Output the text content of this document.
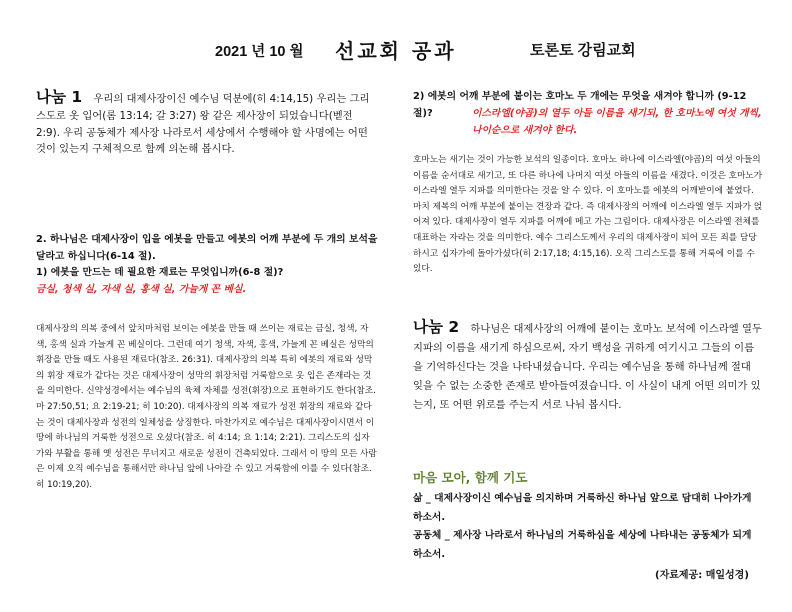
2021 년 10 월 선교회 공과	토론토 강림교회

나눔 1 우리의 대제사장이신 예수님 덕분에(히 4:14,15) 우리는 그리스도로 옷 입어(롬 13:14; 갈 3:27) 왕 같은 제사장이 되었습니다(벧전 2:9). 우리 공동체가 제사장 나라로서 세상에서 수행해야 할 사명에는 어떤 것이 있는지 구체적으로 함께 의논해 봅시다.

2. 하나님은 대제사장이 입을 에봇을 만들고 에봇의 어깨 부분에 두 개의 보석을 달라고 하십니다(6-14 절).

1) 에봇을 만드는 데 필요한 재료는 무엇입니까(6-8 절)?

금실, 청색 실, 자색 실, 홍색 실, 가늘게 꼰 베실.

대제사장의 의복 중에서 앞치마처럼 보이는 에봇을 만들 때 쓰이는 재료는 금실, 청색, 자색, 홍색 실과 가늘게 꼰 베실이다. 그런데 여기 청색, 자색, 홍색, 가늘게 꼰 베실은 성막의 휘장을 만들 때도 사용된 재료다(참조. 26:31). 대제사장의 의복 특히 에봇의 재료와 성막의 휘장 재료가 같다는 것은 대제사장이 성막의 휘장처럼 거룩함으로 옷 입은 존재라는 것을 의미한다. 신약성경에서는 예수님의 육체 자체를 성전(휘장)으로 표현하기도 한다(참조. 마 27:50,51; 요 2:19-21; 히 10:20). 대제사장의 의복 재료가 성전 휘장의 재료와 같다는 것이 대제사장과 성전의 일체성을 상징한다. 마찬가지로 예수님은 대제사장이시면서 이 땅에 하나님의 거룩한 성전으로 오셨다(참조. 히 4:14; 요 1:14; 2:21). 그리스도의 십자가와 부활을 통해 옛 성전은 무너지고 새로운 성전이 건축되었다. 그래서 이 땅의 모든 사람은 이제 오직 예수님을 통해서만 하나님 앞에 나아갈 수 있고 거룩함에 이를 수 있다(참조. 히 10:19,20).

2) 에봇의 어깨 부분에 붙이는 호마노 두 개에는 무엇을 새겨야 합니까 (9-12 절)?	이스라엘(야곱)의 열두 아들 이름을 새기되, 한 호마노에 여섯 개씩, 나이순으로 새겨야 한다.

호마노는 새기는 것이 가능한 보석의 일종이다. 호마노 하나에 이스라엘(야곱)의 여섯 아들의 이름을 순서대로 새기고, 또 다른 하나에 나머지 여섯 아들의 이름을 새겼다. 이것은 호마노가 이스라엘 열두 지파를 의미한다는 것을 알 수 있다. 이 호마노를 에봇의 어깨받이에 붙였다. 마치 제복의 어깨 부분에 붙이는 견장과 같다. 즉 대제사장의 어깨에 이스라엘 열두 지파가 얹어져 있다. 대제사장이 열두 지파를 어깨에 메고 가는 그림이다. 대제사장은 이스라엘 전체를 대표하는 자라는 것을 의미한다. 예수 그리스도께서 우리의 대제사장이 되어 모든 죄를 담당하시고 십자가에 돌아가셨다(히 2:17,18; 4:15,16). 오직 그리스도를 통해 거룩에 이를 수 있다.

나눔 2 하나님은 대제사장의 어깨에 붙이는 호마노 보석에 이스라엘 열두 지파의 이름을 새기게 하심으로써, 자기 백성을 귀하게 여기시고 그들의 이름을 기억하신다는 것을 나타내셨습니다. 우리는 예수님을 통해 하나님께 절대 잊을 수 없는 소중한 존재로 받아들여졌습니다. 이 사실이 내게 어떤 의미가 있는지, 또 어떤 위로를 주는지 서로 나눠 봅시다.

마음 모아, 함께 기도

삶 _ 대제사장이신 예수님을 의지하며 거룩하신 하나님 앞으로 담대히 나아가게 하소서.

공동체 _ 제사장 나라로서 하나님의 거룩하심을 세상에 나타내는 공동체가 되게 하소서.

(자료제공: 매일성경)
